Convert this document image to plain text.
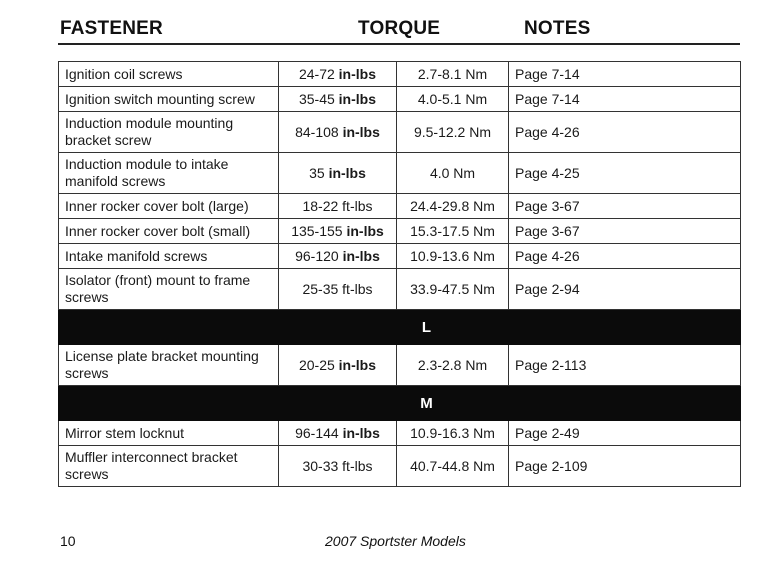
FASTENER	TORQUE	NOTES
Ignition coil screws	24-72 in-lbs	2.7-8.1 Nm	Page 7-14
Ignition switch mounting screw	35-45 in-lbs	4.0-5.1 Nm	Page 7-14
Induction module mounting bracket screw	84-108 in-lbs	9.5-12.2 Nm	Page 4-26
Induction module to intake manifold screws	35 in-lbs	4.0 Nm	Page 4-25
Inner rocker cover bolt (large)	18-22 ft-lbs	24.4-29.8 Nm	Page 3-67
Inner rocker cover bolt (small)	135-155 in-lbs	15.3-17.5 Nm	Page 3-67
Intake manifold screws	96-120 in-lbs	10.9-13.6 Nm	Page 4-26
Isolator (front) mount to frame screws	25-35 ft-lbs	33.9-47.5 Nm	Page 2-94
L			
License plate bracket mounting screws	20-25 in-lbs	2.3-2.8 Nm	Page 2-113
M			
Mirror stem locknut	96-144 in-lbs	10.9-16.3 Nm	Page 2-49
Muffler interconnect bracket screws	30-33 ft-lbs	40.7-44.8 Nm	Page 2-109
10	2007 Sportster Models
